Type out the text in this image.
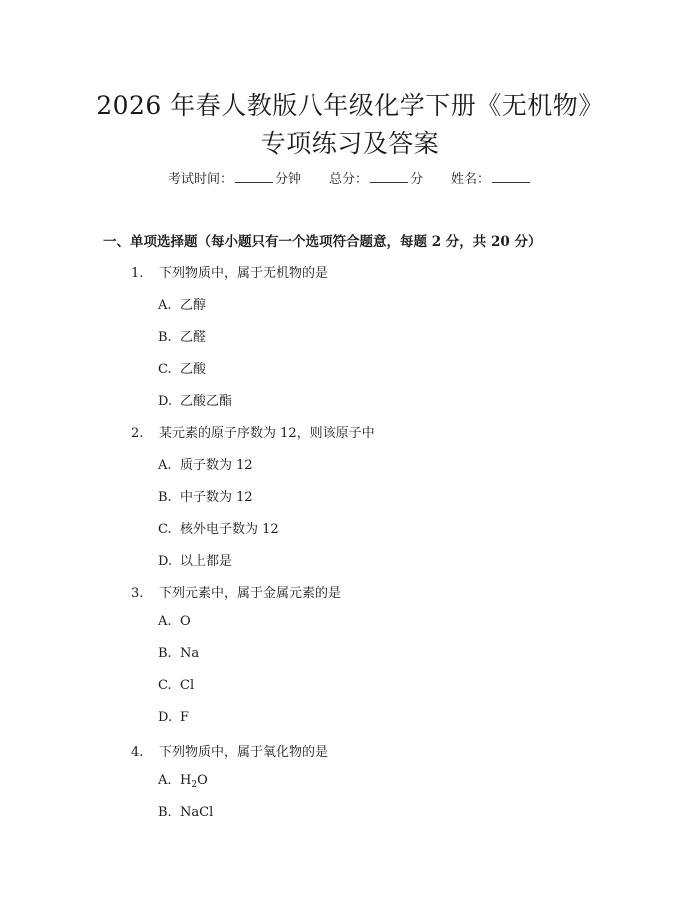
2026 年春人教版八年级化学下册《无机物》
专项练习及答案
考试时间：	分钟 总分：	分 姓名：
一、单项选择题（每小题只有一个选项符合题意，每题 2 分，共 20 分）
1. 下列物质中，属于无机物的是
A. 乙醇
B. 乙醛
C. 乙酸
D. 乙酸乙酯
2. 某元素的原子序数为 12，则该原子中
A. 质子数为 12
B. 中子数为 12
C. 核外电子数为 12
D. 以上都是
3. 下列元素中，属于金属元素的是
A. O
B. Na
C. Cl
D. F
4. 下列物质中，属于氧化物的是
A. $H_2O$
B. NaCl
